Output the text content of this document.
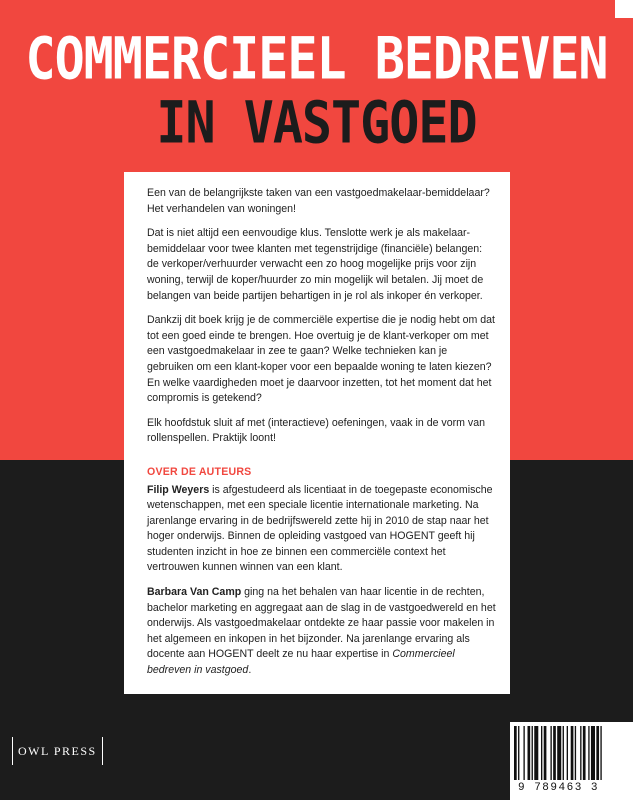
COMMERCIEEL BEDREVEN
IN VASTGOED

Een van de belangrijkste taken van een vastgoedmakelaar-bemiddelaar? Het verhandelen van woningen!

Dat is niet altijd een eenvoudige klus. Tenslotte werk je als makelaar-bemiddelaar voor twee klanten met tegenstrijdige (financiële) belangen: de verkoper/verhuurder verwacht een zo hoog mogelijke prijs voor zijn woning, terwijl de koper/huurder zo min mogelijk wil betalen. Jij moet de belangen van beide partijen behartigen in je rol als inkoper én verkoper.

Dankzij dit boek krijg je de commerciële expertise die je nodig hebt om dat tot een goed einde te brengen. Hoe overtuig je de klant-verkoper om met een vastgoedmakelaar in zee te gaan? Welke technieken kan je gebruiken om een klant-koper voor een bepaalde woning te laten kiezen? En welke vaardigheden moet je daarvoor inzetten, tot het moment dat het compromis is getekend?

Elk hoofdstuk sluit af met (interactieve) oefeningen, vaak in de vorm van rollenspellen. Praktijk loont!

OVER DE AUTEURS

Filip Weyers is afgestudeerd als licentiaat in de toegepaste economische wetenschappen, met een speciale licentie internationale marketing. Na jarenlange ervaring in de bedrijfswereld zette hij in 2010 de stap naar het hoger onderwijs. Binnen de opleiding vastgoed van HOGENT geeft hij studenten inzicht in hoe ze binnen een commerciële context het vertrouwen kunnen winnen van een klant.

Barbara Van Camp ging na het behalen van haar licentie in de rechten, bachelor marketing en aggregaat aan de slag in de vastgoedwereld en het onderwijs. Als vastgoedmakelaar ontdekte ze haar passie voor makelen in het algemeen en inkopen in het bijzonder. Na jarenlange ervaring als docente aan HOGENT deelt ze nu haar expertise in Commercieel bedreven in vastgoed.

OWL PRESS
9 789463 3
